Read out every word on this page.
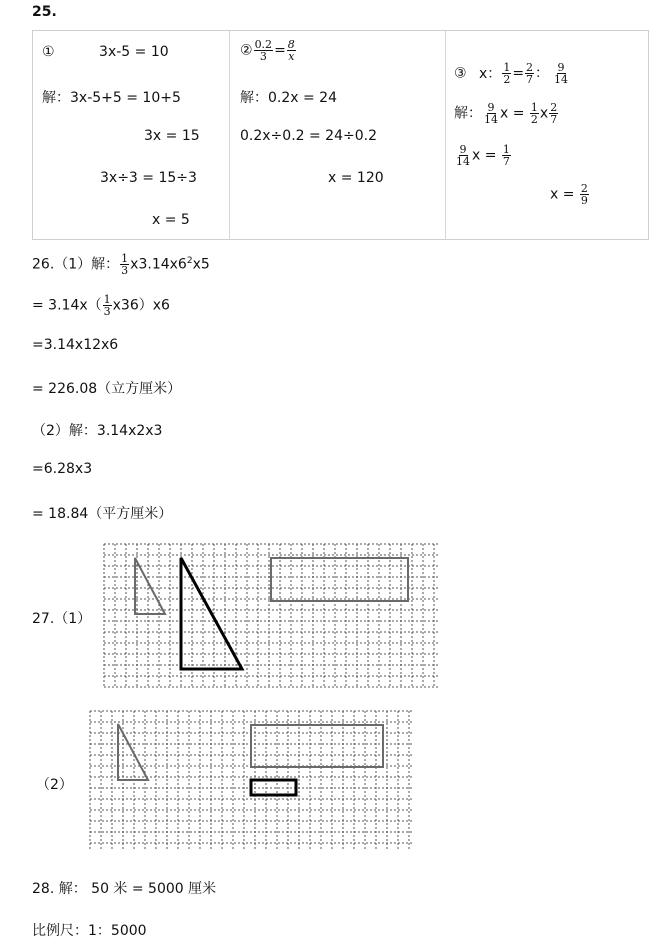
25.
①          3x-5 = 10
解：3x-5+5 = 10+5
3x = 15
3x÷3 = 15÷3
x = 5
② $\frac{0.2}{3} = \frac{8}{x}$
解：0.2x = 24
0.2x÷0.2 = 24÷0.2
x = 120
③ x： $\frac{1}{2} = \frac{2}{7}$ ： $\frac{9}{14}$
解： $\frac{9}{14}$ $x = \frac{1}{2}$ x $\frac{2}{7}$
$\frac{9}{14}$ $x = \frac{1}{7}$
$x = \frac{2}{9}$
26.（1）解： $\frac{1}{3} x3.14x6^2x5$
= $3.14x( \frac{1}{3} x36)x6$
=3.14x12x6
= 226.08（立方厘米）
（2）解：3.14x2x3
=6.28x3
= 18.84（平方厘米）
27.（1）
（2）
28. 解： 50 米 = 5000 厘米
比例尺：1：5000
